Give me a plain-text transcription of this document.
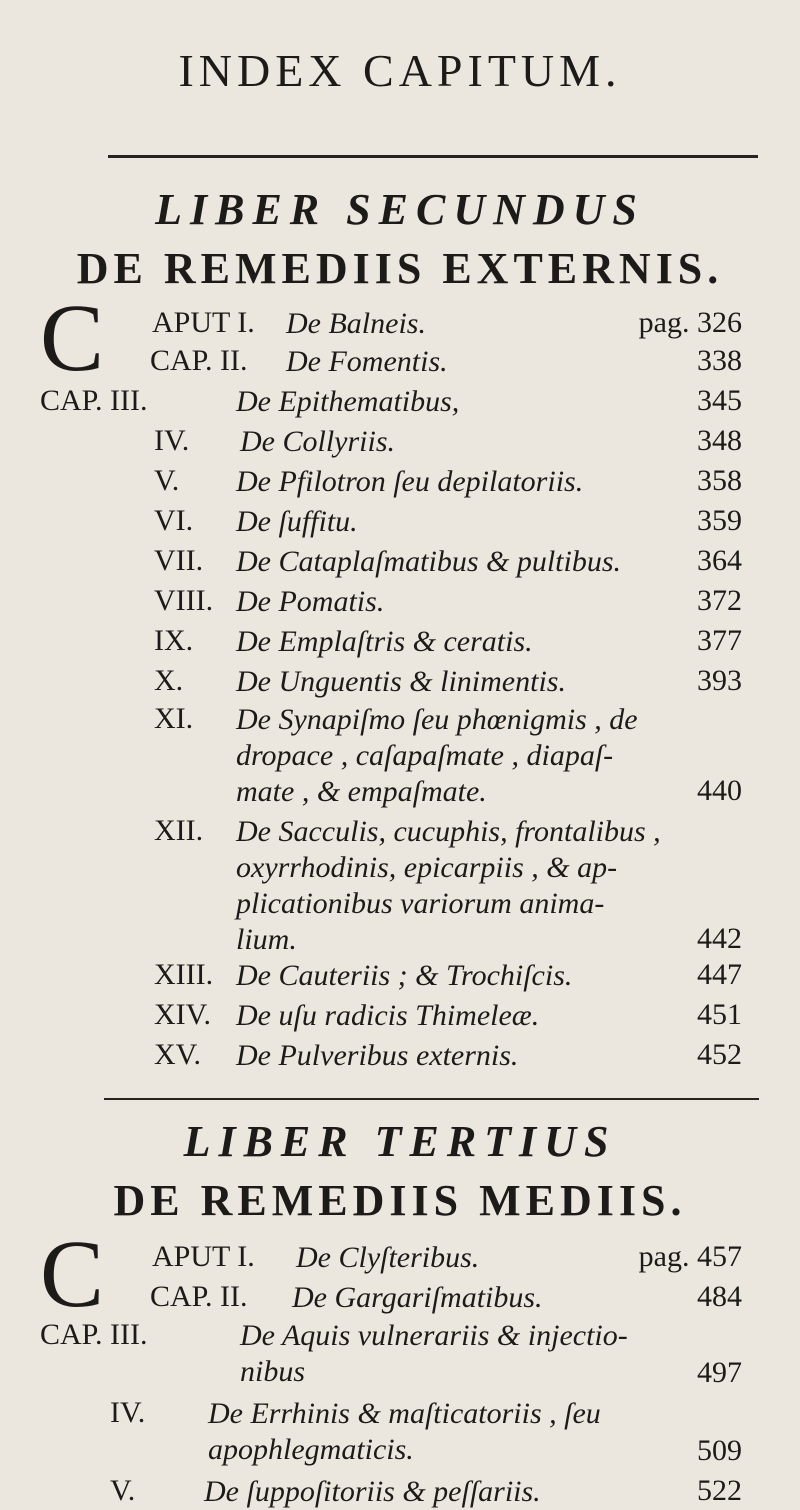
INDEX CAPITUM.
LIBER SECUNDUS
DE REMEDIIS EXTERNIS.
C APUT I. De Balneis.	pag. 326
CAP. II. De Fomentis.	338
CAP. III.	De Epithematibus,	345
IV. De Collyriis.	348
V. De Pfilotron ſeu depilatoriis.	358
VI. De ſuffitu.	359
VII. De Cataplaſmatibus & pultibus.	364
VIII. De Pomatis.	372
IX. De Emplaſtris & ceratis.	377
X. De Unguentis & linimentis.	393
XI. De Synapiſmo ſeu phœnigmis , de
dropace , caſapaſmate , diapaſ-
mate , & empaſmate.	440
XII. De Sacculis, cucuphis, frontalibus ,
oxyrrhodinis, epicarpiis , & ap-
plicationibus variorum anima-
lium.	442
XIII. De Cauteriis ; & Trochiſcis.	447
XIV. De uſu radicis Thimeleæ.	451
XV. De Pulveribus externis.	452
LIBER TERTIUS
DE REMEDIIS MEDIIS.
C APUT I. De Clyſteribus.	pag. 457
CAP. II. De Gargariſmatibus.	484
CAP. III.	De Aquis vulnerariis & injectio-
nibus	497
IV. De Errhinis & maſticatoriis , ſeu
apophlegmaticis.	509
V. De ſuppoſitoriis & peſſariis.	522
